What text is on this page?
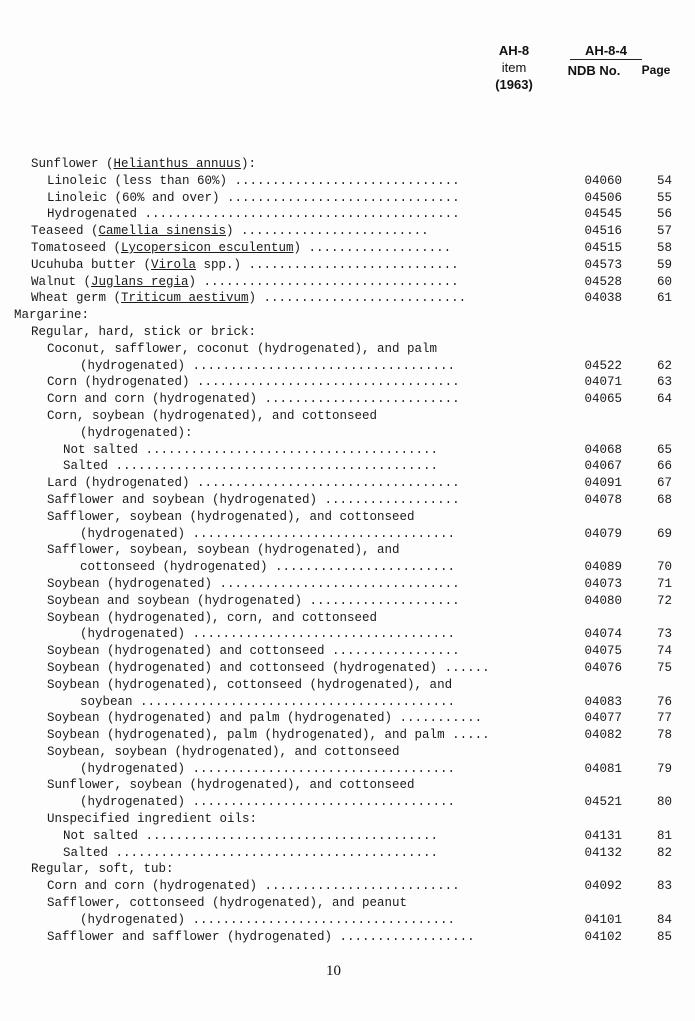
AH-8
item
(1963)
AH-8-4
NDB No.	Page
Sunflower (Helianthus annuus):
Linoleic (less than 60%) ..............................	04060	54
Linoleic (60% and over) ...............................	04506	55
Hydrogenated ..........................................	04545	56
Teaseed (Camellia sinensis) .........................	04516	57
Tomatoseed (Lycopersicon esculentum) ...................	04515	58
Ucuhuba butter (Virola spp.) ............................	04573	59
Walnut (Juglans regia) ..................................	04528	60
Wheat germ (Triticum aestivum) ...........................	04038	61
Margarine:
Regular, hard, stick or brick:
Coconut, safflower, coconut (hydrogenated), and palm
(hydrogenated) ...................................	04522	62
Corn (hydrogenated) ...................................	04071	63
Corn and corn (hydrogenated) ..........................	04065	64
Corn, soybean (hydrogenated), and cottonseed
(hydrogenated):
Not salted .......................................	04068	65
Salted ...........................................	04067	66
Lard (hydrogenated) ...................................	04091	67
Safflower and soybean (hydrogenated) ..................	04078	68
Safflower, soybean (hydrogenated), and cottonseed
(hydrogenated) ...................................	04079	69
Safflower, soybean, soybean (hydrogenated), and
cottonseed (hydrogenated) ........................	04089	70
Soybean (hydrogenated) ................................	04073	71
Soybean and soybean (hydrogenated) ....................	04080	72
Soybean (hydrogenated), corn, and cottonseed
(hydrogenated) ...................................	04074	73
Soybean (hydrogenated) and cottonseed .................	04075	74
Soybean (hydrogenated) and cottonseed (hydrogenated) ......	04076	75
Soybean (hydrogenated), cottonseed (hydrogenated), and
soybean ..........................................	04083	76
Soybean (hydrogenated) and palm (hydrogenated) ...........	04077	77
Soybean (hydrogenated), palm (hydrogenated), and palm .....	04082	78
Soybean, soybean (hydrogenated), and cottonseed
(hydrogenated) ...................................	04081	79
Sunflower, soybean (hydrogenated), and cottonseed
(hydrogenated) ...................................	04521	80
Unspecified ingredient oils:
Not salted .......................................	04131	81
Salted ...........................................	04132	82
Regular, soft, tub:
Corn and corn (hydrogenated) ..........................	04092	83
Safflower, cottonseed (hydrogenated), and peanut
(hydrogenated) ...................................	04101	84
Safflower and safflower (hydrogenated) ..................	04102	85
10
